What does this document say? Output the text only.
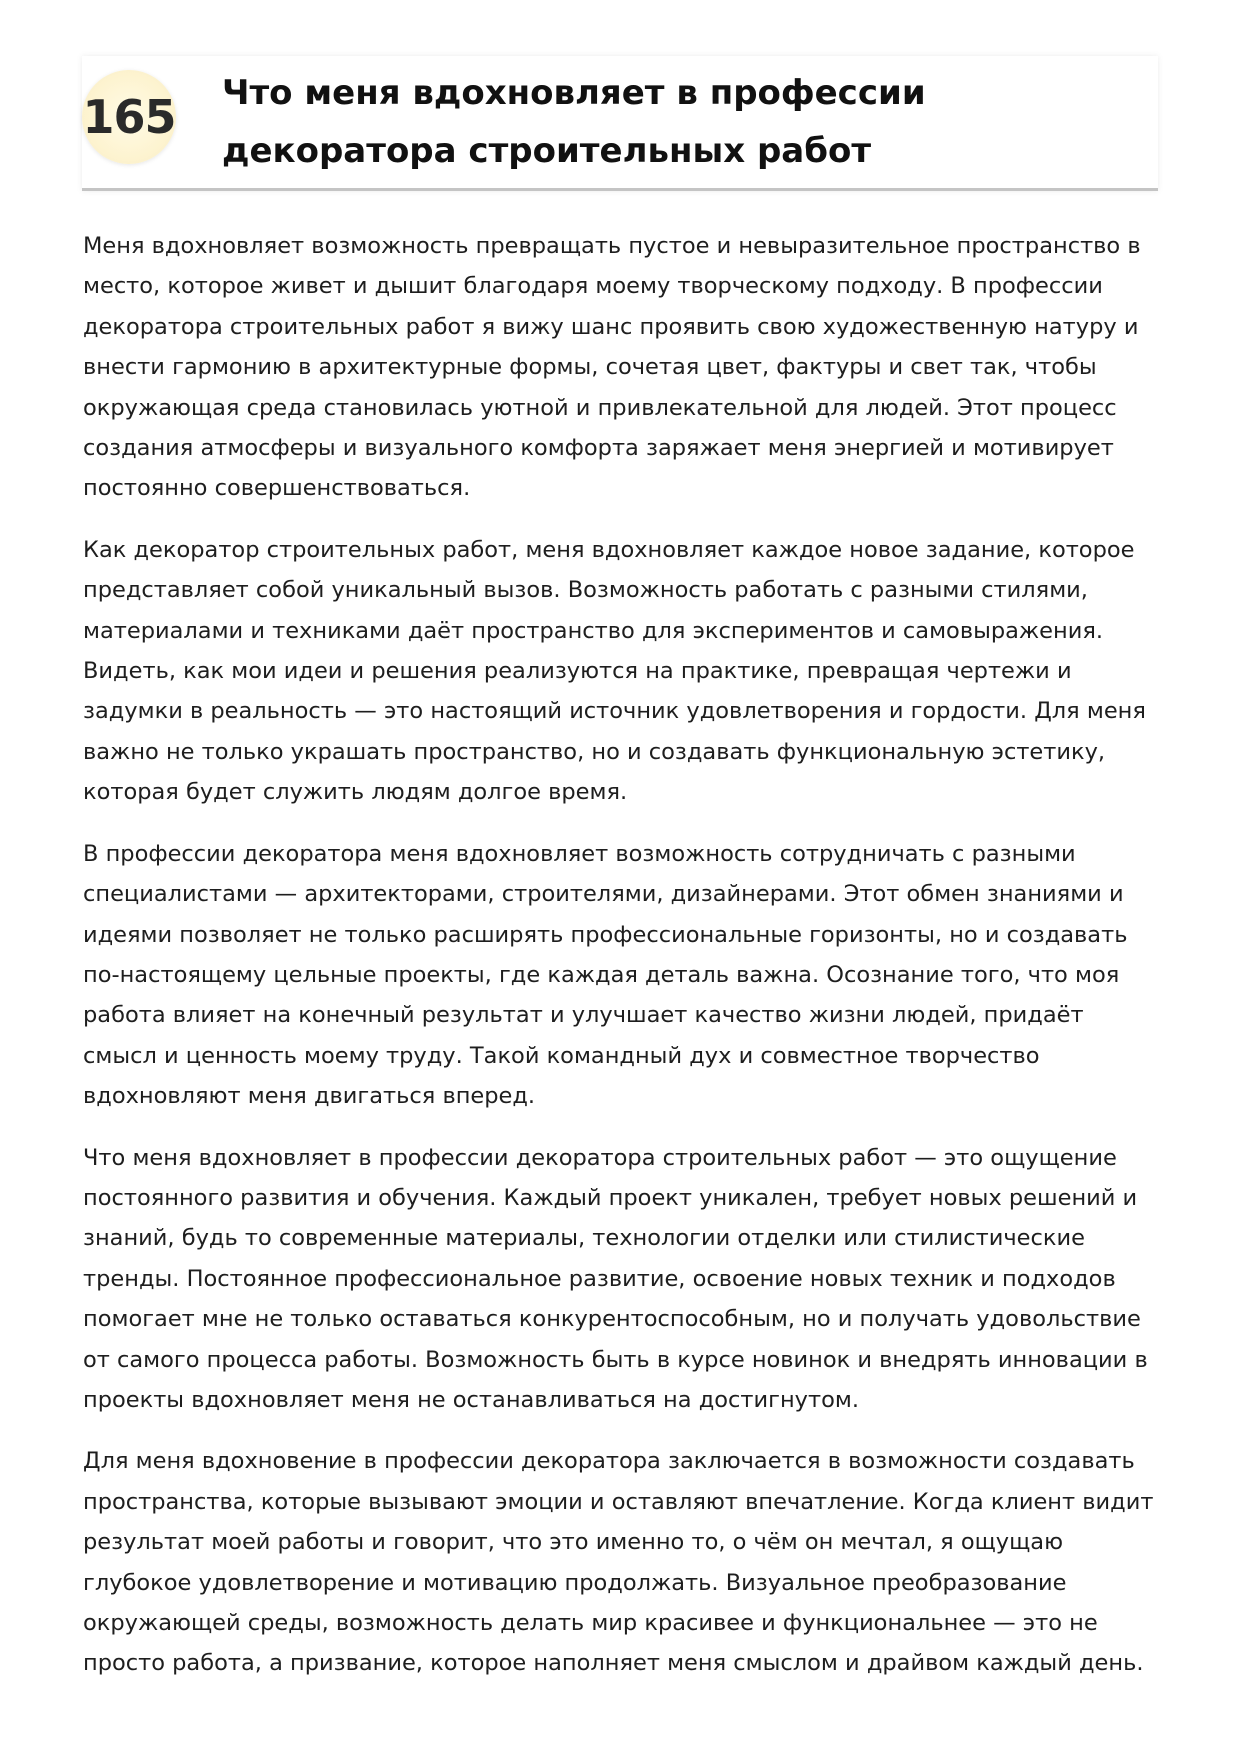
165 Что меня вдохновляет в профессии декоратора строительных работ

Меня вдохновляет возможность превращать пустое и невыразительное пространство в место, которое живет и дышит благодаря моему творческому подходу. В профессии декоратора строительных работ я вижу шанс проявить свою художественную натуру и внести гармонию в архитектурные формы, сочетая цвет, фактуры и свет так, чтобы окружающая среда становилась уютной и привлекательной для людей. Этот процесс создания атмосферы и визуального комфорта заряжает меня энергией и мотивирует постоянно совершенствоваться.

Как декоратор строительных работ, меня вдохновляет каждое новое задание, которое представляет собой уникальный вызов. Возможность работать с разными стилями, материалами и техниками даёт пространство для экспериментов и самовыражения. Видеть, как мои идеи и решения реализуются на практике, превращая чертежи и задумки в реальность — это настоящий источник удовлетворения и гордости. Для меня важно не только украшать пространство, но и создавать функциональную эстетику, которая будет служить людям долгое время.

В профессии декоратора меня вдохновляет возможность сотрудничать с разными специалистами — архитекторами, строителями, дизайнерами. Этот обмен знаниями и идеями позволяет не только расширять профессиональные горизонты, но и создавать по-настоящему цельные проекты, где каждая деталь важна. Осознание того, что моя работа влияет на конечный результат и улучшает качество жизни людей, придаёт смысл и ценность моему труду. Такой командный дух и совместное творчество вдохновляют меня двигаться вперед.

Что меня вдохновляет в профессии декоратора строительных работ — это ощущение постоянного развития и обучения. Каждый проект уникален, требует новых решений и знаний, будь то современные материалы, технологии отделки или стилистические тренды. Постоянное профессиональное развитие, освоение новых техник и подходов помогает мне не только оставаться конкурентоспособным, но и получать удовольствие от самого процесса работы. Возможность быть в курсе новинок и внедрять инновации в проекты вдохновляет меня не останавливаться на достигнутом.

Для меня вдохновение в профессии декоратора заключается в возможности создавать пространства, которые вызывают эмоции и оставляют впечатление. Когда клиент видит результат моей работы и говорит, что это именно то, о чём он мечтал, я ощущаю глубокое удовлетворение и мотивацию продолжать. Визуальное преобразование окружающей среды, возможность делать мир красивее и функциональнее — это не просто работа, а призвание, которое наполняет меня смыслом и драйвом каждый день.
